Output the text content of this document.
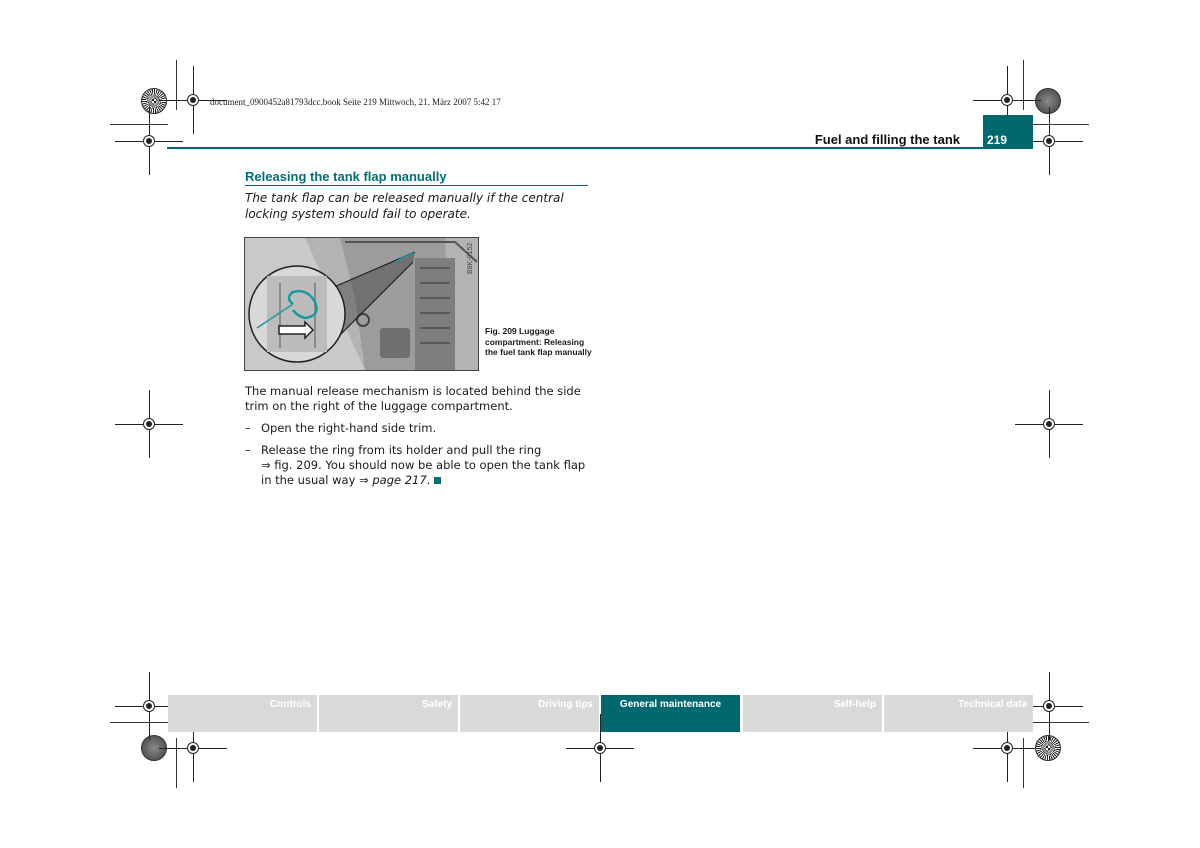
document_0900452a81793dcc.book Seite 219 Mittwoch, 21. März 2007 5:42 17
Fuel and filling the tank 219
Releasing the tank flap manually
The tank flap can be released manually if the central locking system should fail to operate.
B8K-0152
Fig. 209 Luggage compartment: Releasing the fuel tank flap manually
The manual release mechanism is located behind the side trim on the right of the luggage compartment.
– Open the right-hand side trim.
– Release the ring from its holder and pull the ring
⇒ fig. 209. You should now be able to open the tank flap in the usual way ⇒ page 217.
Controls	Safety	Driving tips	General maintenance	Self-help	Technical data
